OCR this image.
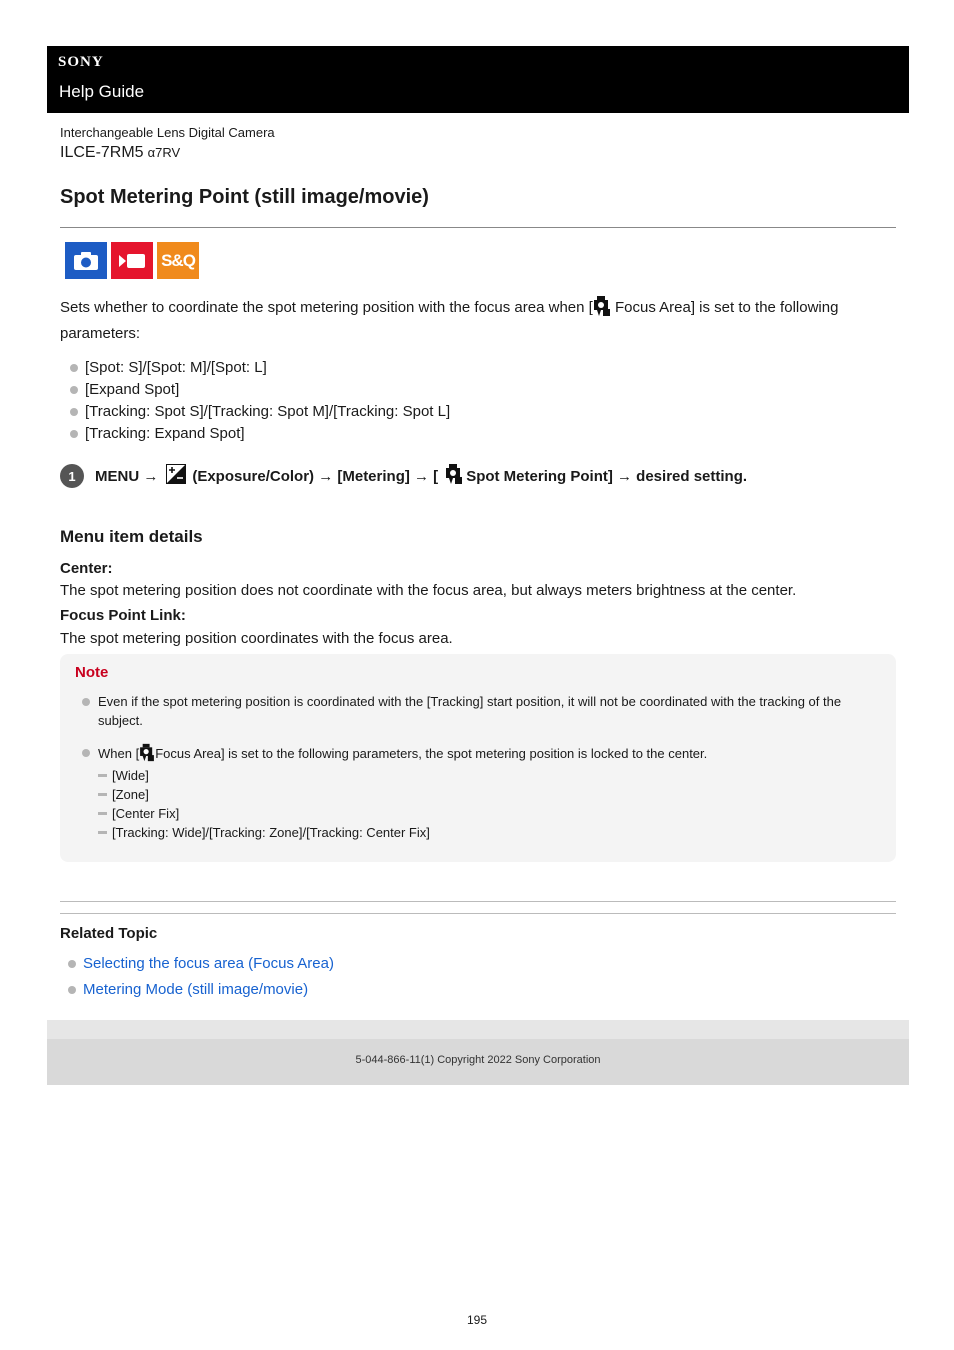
SONY
Help Guide
Interchangeable Lens Digital Camera
ILCE-7RM5 α7RV
Spot Metering Point (still image/movie)
S&Q

Sets whether to coordinate the spot metering position with the focus area when [ Focus Area] is set to the following parameters:

[Spot: S]/[Spot: M]/[Spot: L]
[Expand Spot]
[Tracking: Spot S]/[Tracking: Spot M]/[Tracking: Spot L]
[Tracking: Expand Spot]
1	MENU → (Exposure/Color) → [Metering] → [ Spot Metering Point] → desired setting.
Menu item details
Center:
The spot metering position does not coordinate with the focus area, but always meters brightness at the center.
Focus Point Link:
The spot metering position coordinates with the focus area.
Note
Even if the spot metering position is coordinated with the [Tracking] start position, it will not be coordinated with the tracking of the subject.
When [ Focus Area] is set to the following parameters, the spot metering position is locked to the center.
[Wide]
[Zone]
[Center Fix]
[Tracking: Wide]/[Tracking: Zone]/[Tracking: Center Fix]
Related Topic
Selecting the focus area (Focus Area)
Metering Mode (still image/movie)
5-044-866-11(1) Copyright 2022 Sony Corporation
195
